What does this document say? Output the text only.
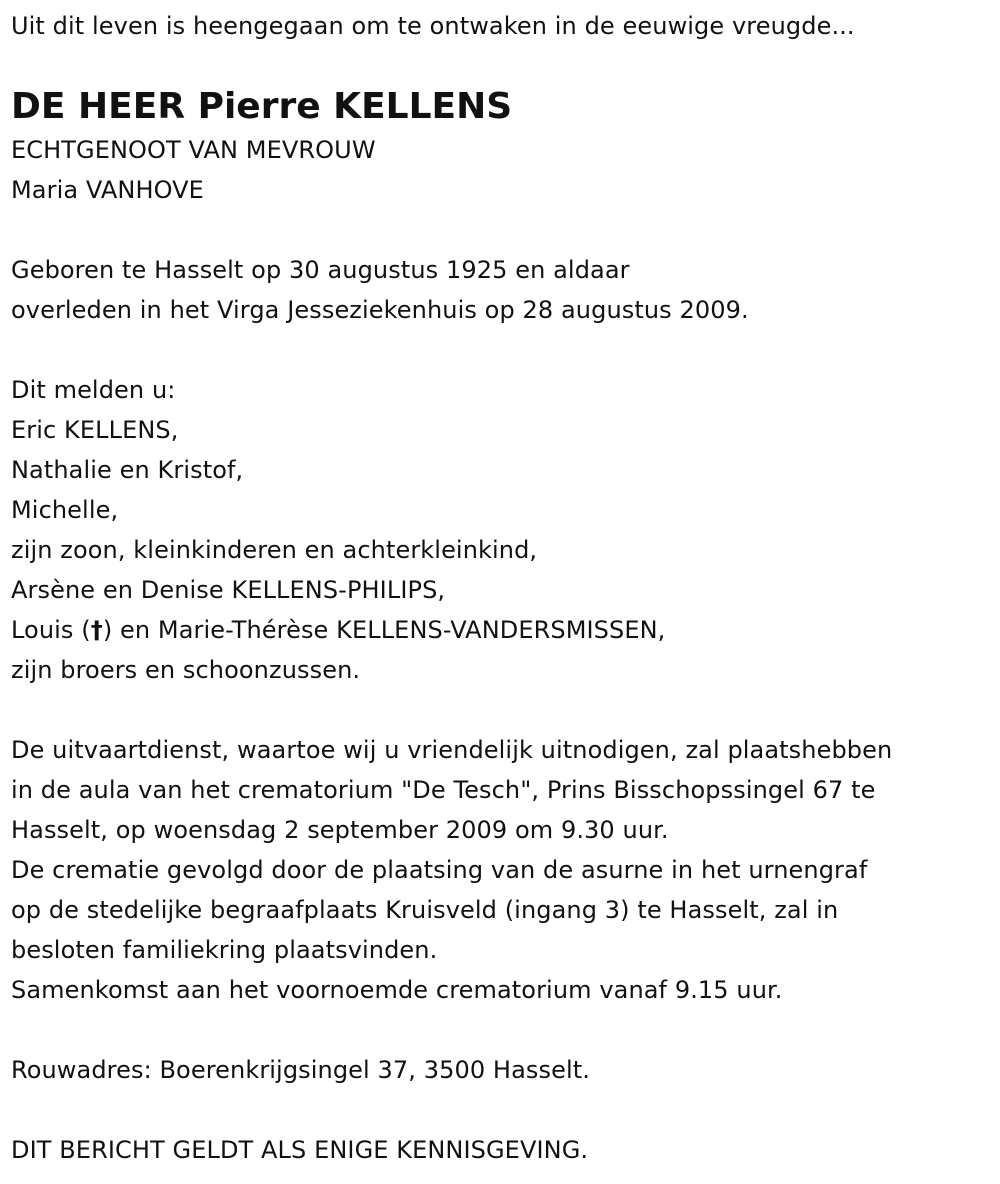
Uit dit leven is heengegaan om te ontwaken in de eeuwige vreugde...
DE HEER Pierre KELLENS
ECHTGENOOT VAN MEVROUW
Maria VANHOVE
Geboren te Hasselt op 30 augustus 1925 en aldaar
overleden in het Virga Jesseziekenhuis op 28 augustus 2009.
Dit melden u:
Eric KELLENS,
Nathalie en Kristof,
Michelle,
zijn zoon, kleinkinderen en achterkleinkind,
Arsène en Denise KELLENS-PHILIPS,
Louis (†) en Marie-Thérèse KELLENS-VANDERSMISSEN,
zijn broers en schoonzussen.
De uitvaartdienst, waartoe wij u vriendelijk uitnodigen, zal plaatshebben
in de aula van het crematorium "De Tesch", Prins Bisschopssingel 67 te
Hasselt, op woensdag 2 september 2009 om 9.30 uur.
De crematie gevolgd door de plaatsing van de asurne in het urnengraf
op de stedelijke begraafplaats Kruisveld (ingang 3) te Hasselt, zal in
besloten familiekring plaatsvinden.
Samenkomst aan het voornoemde crematorium vanaf 9.15 uur.
Rouwadres: Boerenkrijgsingel 37, 3500 Hasselt.
DIT BERICHT GELDT ALS ENIGE KENNISGEVING.
